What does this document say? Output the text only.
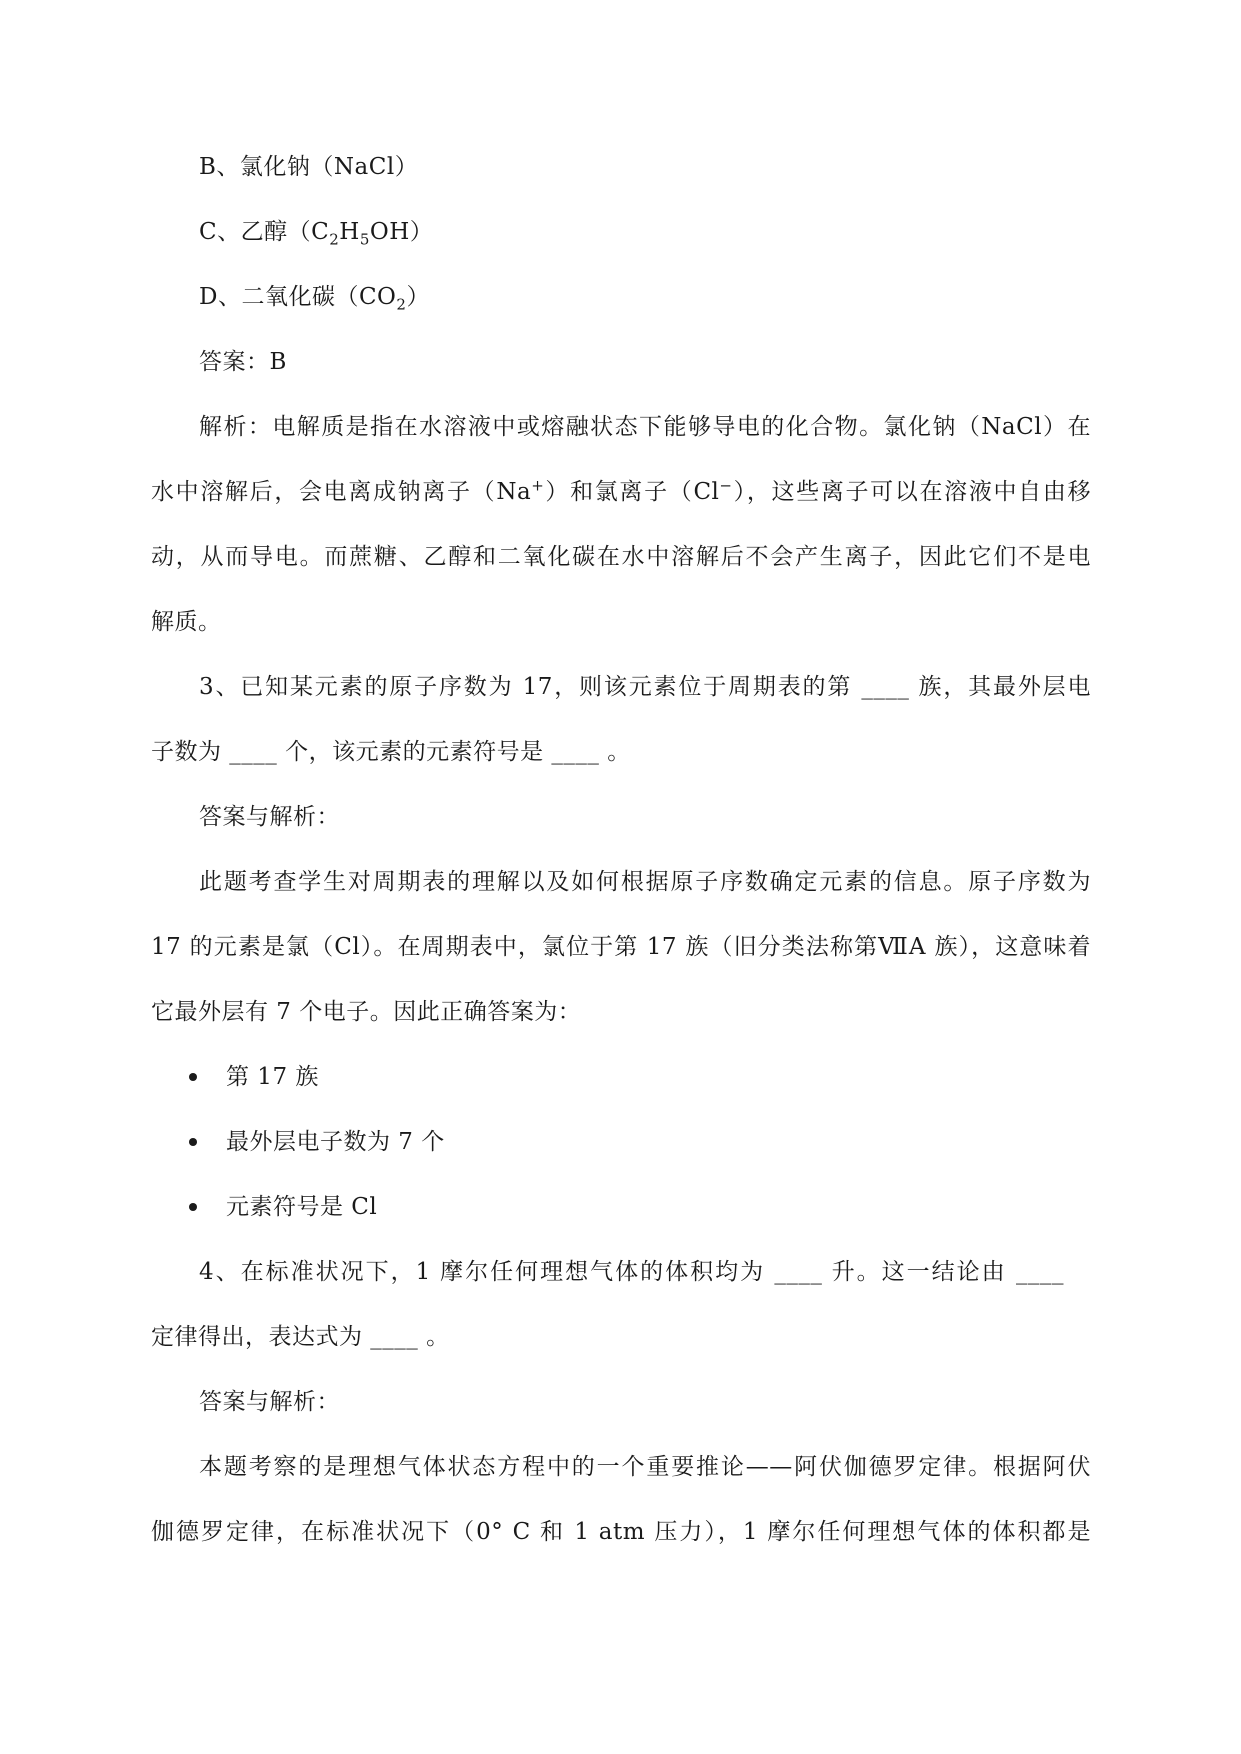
B、氯化钠（NaCl）
C、乙醇$(C_2H_5OH)$
D、二氧化碳$(CO_2)$
答案：B
解析：电解质是指在水溶液中或熔融状态下能够导电的化合物。氯化钠（NaCl）在
水中溶解后，会电离成钠离子（Na+）和氯离子（Cl−），这些离子可以在溶液中自由移
动，从而导电。而蔗糖、乙醇和二氧化碳在水中溶解后不会产生离子，因此它们不是电
解质。
3、已知某元素的原子序数为 17，则该元素位于周期表的第 ____ 族，其最外层电
子数为 ____ 个，该元素的元素符号是 ____ 。
答案与解析：
此题考查学生对周期表的理解以及如何根据原子序数确定元素的信息。原子序数为
17 的元素是氯（Cl）。在周期表中，氯位于第 17 族（旧分类法称第ⅦA 族），这意味着
它最外层有 7 个电子。因此正确答案为：
第 17 族
最外层电子数为 7 个
元素符号是 Cl
4、在标准状况下，1 摩尔任何理想气体的体积均为 ____ 升。这一结论由 ____
定律得出，表达式为 ____ 。
答案与解析：
本题考察的是理想气体状态方程中的一个重要推论——阿伏伽德罗定律。根据阿伏
伽德罗定律，在标准状况下（0° C 和 1 atm 压力），1 摩尔任何理想气体的体积都是
